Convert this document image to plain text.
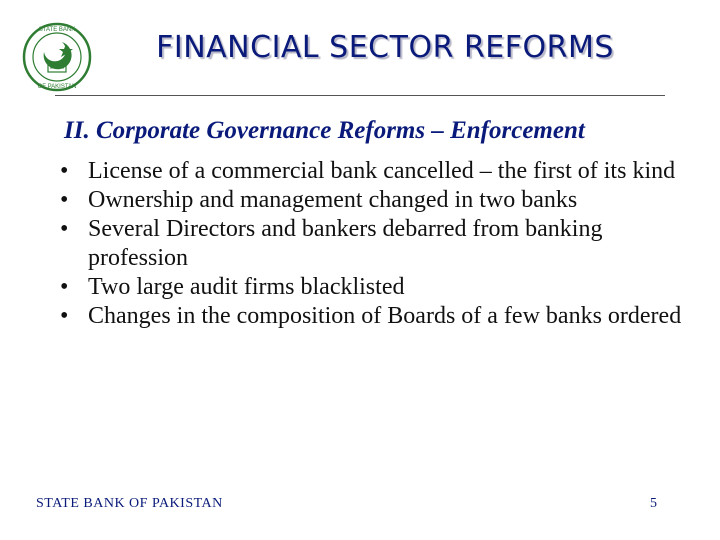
STATE BANK
OF PAKISTAN
FINANCIAL SECTOR REFORMS
II. Corporate Governance Reforms – Enforcement
• License of a commercial bank cancelled – the first of its kind
• Ownership and management changed in two banks
• Several Directors and bankers debarred from banking profession
• Two large audit firms blacklisted
• Changes in the composition of Boards of a few banks ordered
STATE BANK OF PAKISTAN	5
